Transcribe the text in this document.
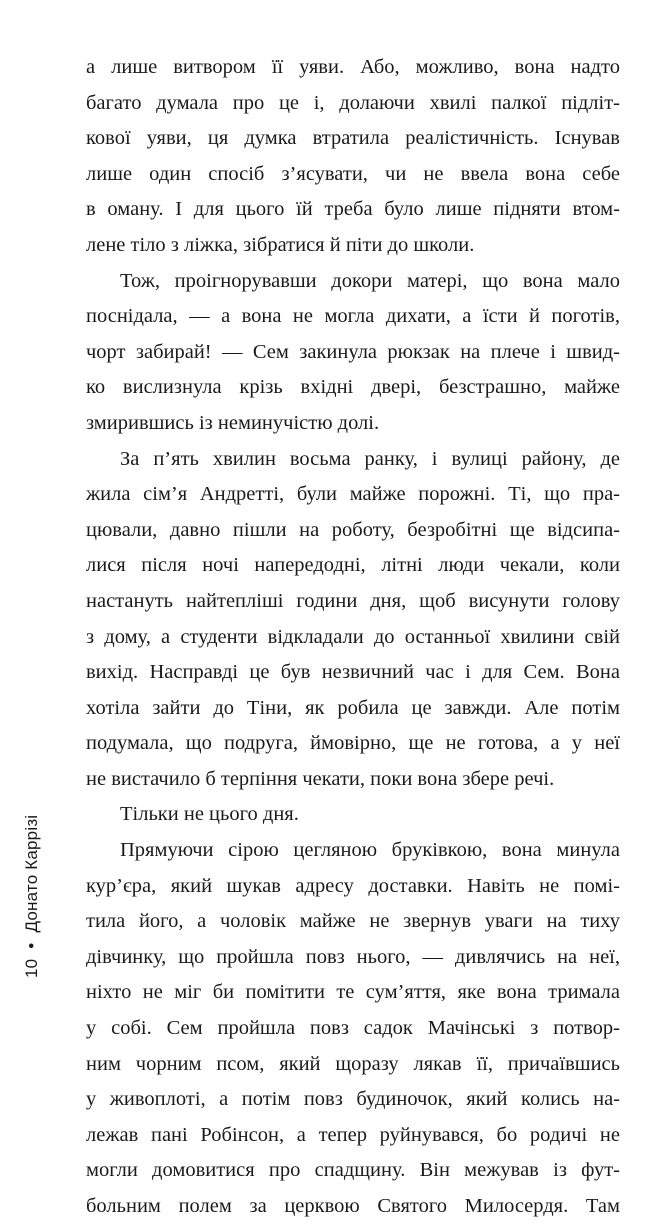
а лише витвором її уяви. Або, можливо, вона надто
багато думала про це і, долаючи хвилі палкої підліт-
кової уяви, ця думка втратила реалістичність. Існував
лише один спосіб з’ясувати, чи не ввела вона себе
в оману. І для цього їй треба було лише підняти втом-
лене тіло з ліжка, зібратися й піти до школи.
Тож, проігнорувавши докори матері, що вона мало
поснідала, — а вона не могла дихати, а їсти й поготів,
чорт забирай! — Сем закинула рюкзак на плече і швид-
ко вислизнула крізь вхідні двері, безстрашно, майже
змирившись із неминучістю долі.
За п’ять хвилин восьма ранку, і вулиці району, де
жила сім’я Андретті, були майже порожні. Ті, що пра-
цювали, давно пішли на роботу, безробітні ще відсипа-
лися після ночі напередодні, літні люди чекали, коли
настануть найтепліші години дня, щоб висунути голову
з дому, а студенти відкладали до останньої хвилини свій
вихід. Насправді це був незвичний час і для Сем. Вона
хотіла зайти до Тіни, як робила це завжди. Але потім
подумала, що подруга, ймовірно, ще не готова, а у неї
не вистачило б терпіння чекати, поки вона збере речі.
Тільки не цього дня.
Прямуючи сірою цегляною бруківкою, вона минула
кур’єра, який шукав адресу доставки. Навіть не помі-
тила його, а чоловік майже не звернув уваги на тиху
дівчинку, що пройшла повз нього, — дивлячись на неї,
ніхто не міг би помітити те сум’яття, яке вона тримала
у собі. Сем пройшла повз садок Мачінські з потвор-
ним чорним псом, який щоразу лякав її, причаївшись
у живоплоті, а потім повз будиночок, який колись на-
лежав пані Робінсон, а тепер руйнувався, бо родичі не
могли домовитися про спадщину. Він межував із фут-
больним полем за церквою Святого Милосердя. Там
10•Донато Каррізі
